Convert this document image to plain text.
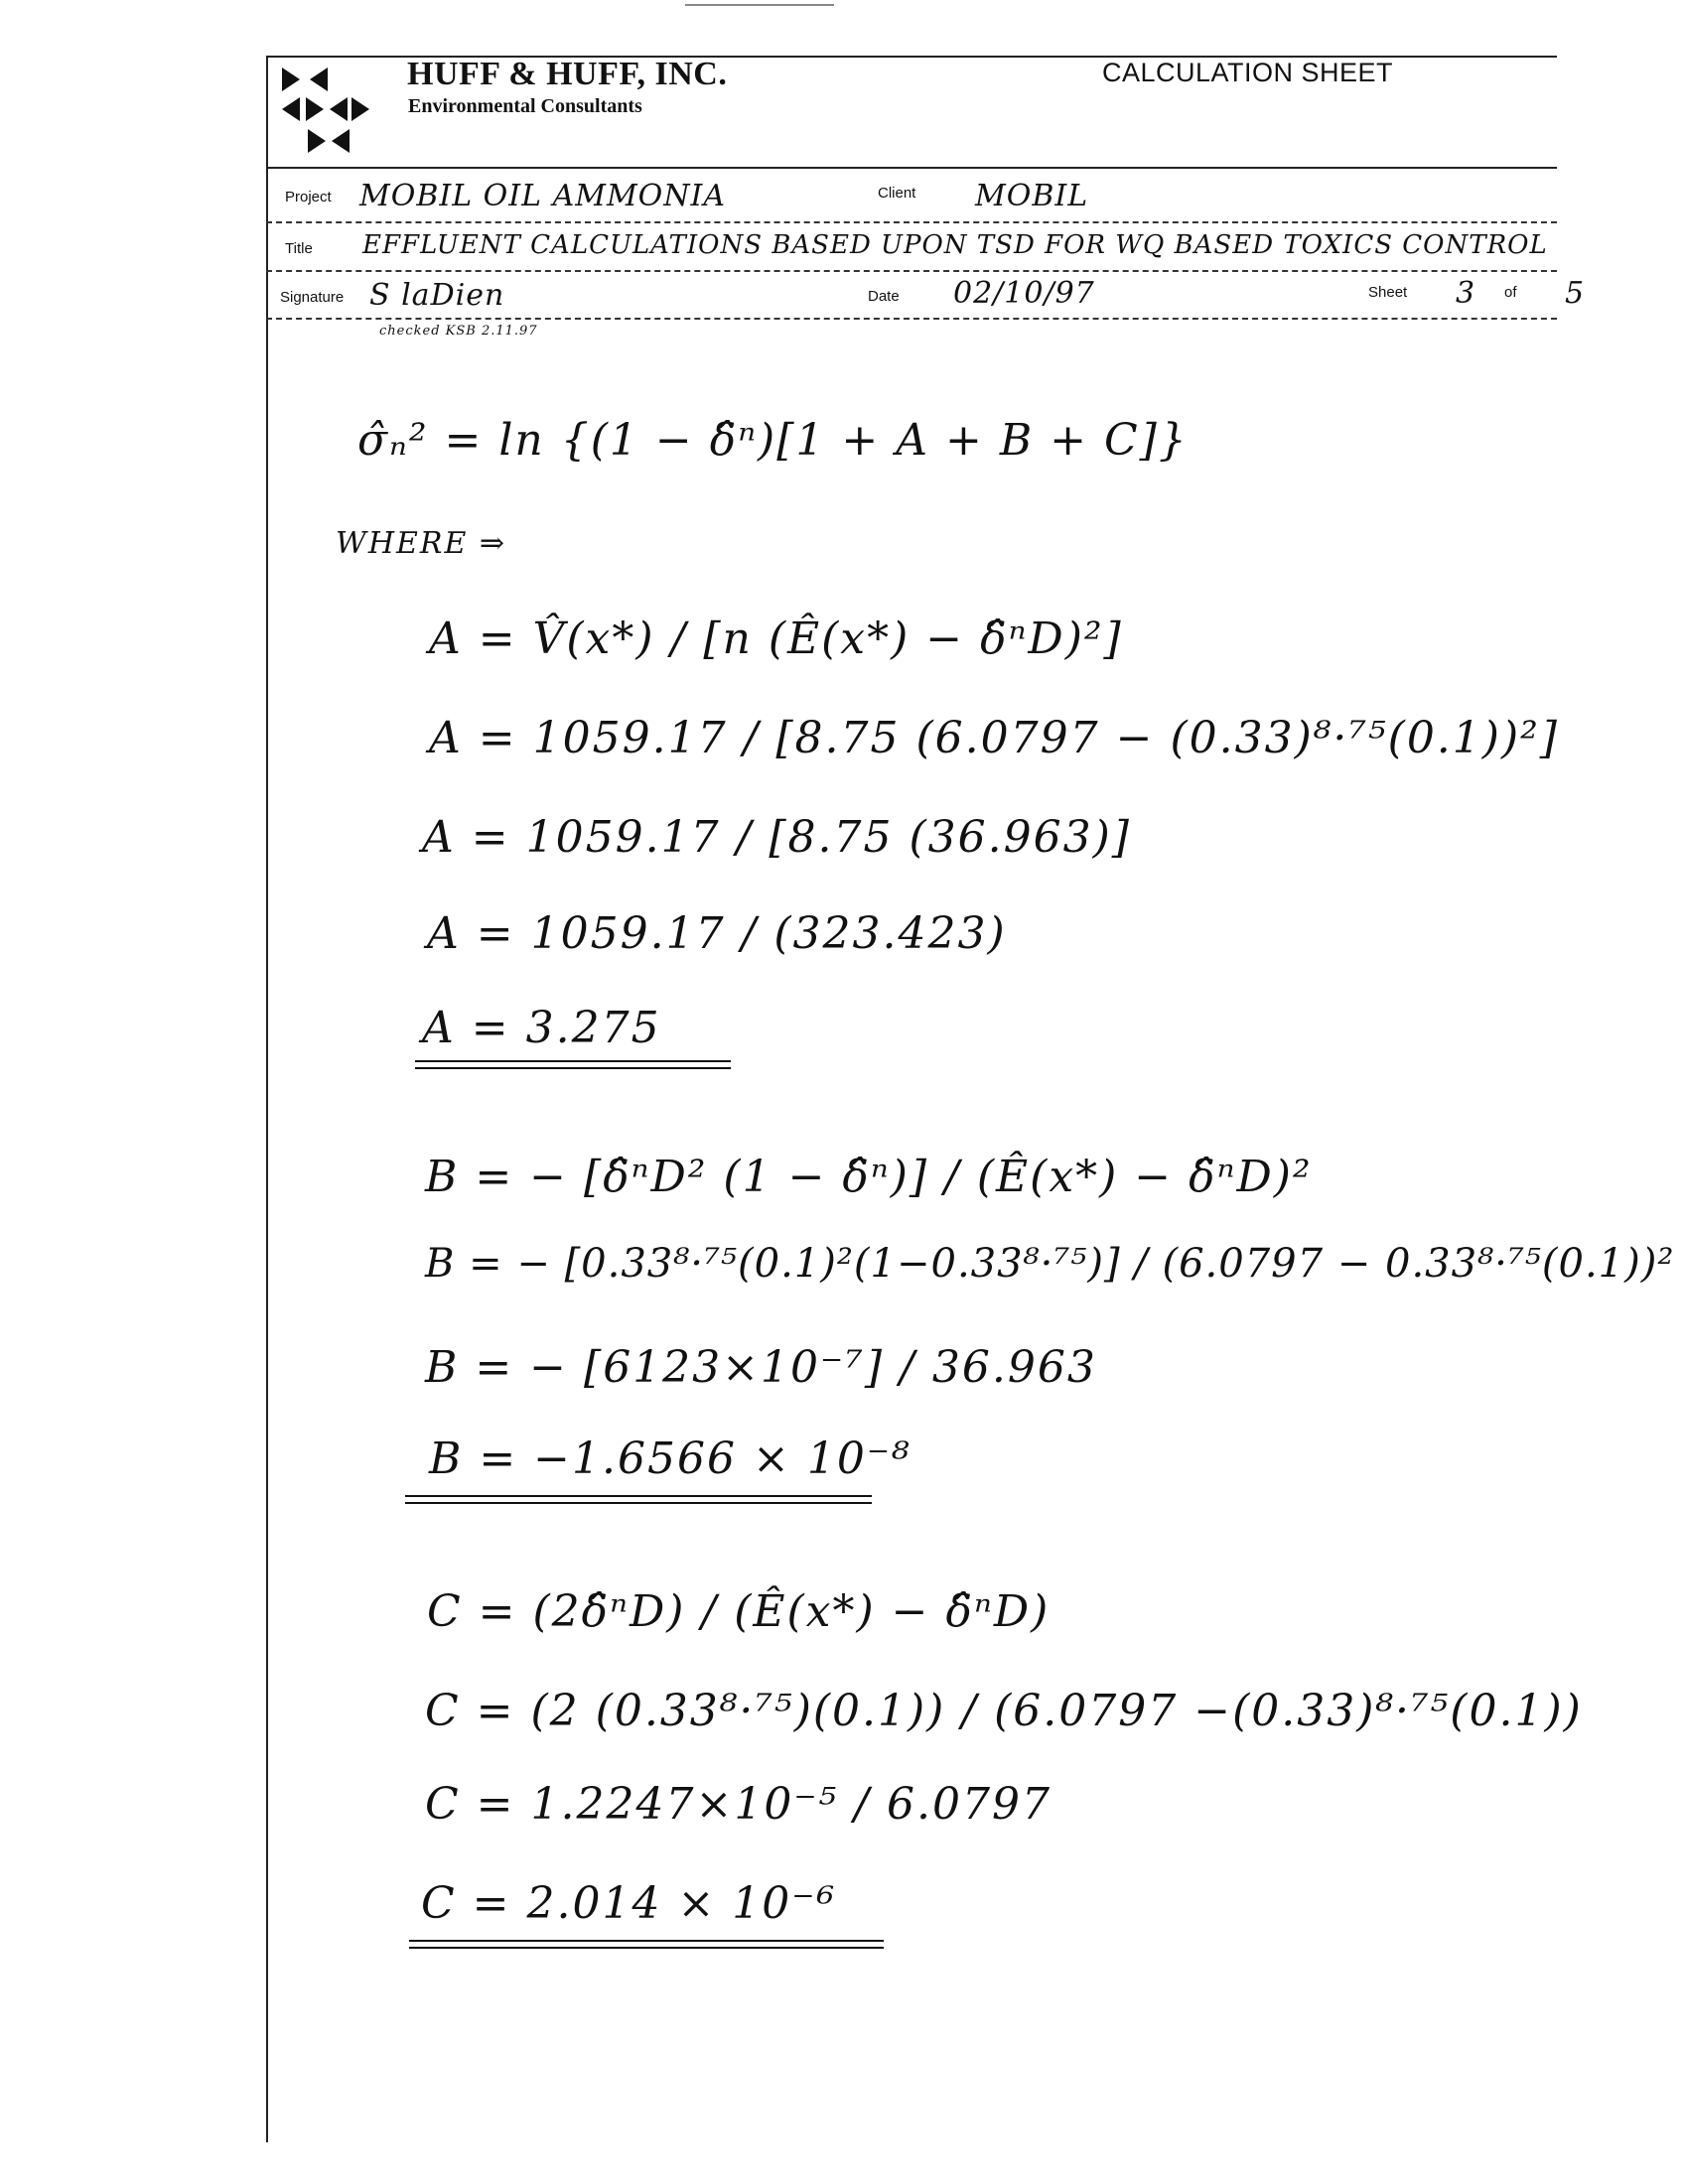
HUFF & HUFF, INC.
Environmental Consultants
CALCULATION SHEET
Project MOBIL OIL AMMONIA	Client MOBIL
Title EFFLUENT CALCULATIONS BASED UPON TSD FOR WQ BASED TOXICS CONTROL
Signature S laDien	Date 02/10/97	Sheet 3 of 5
checked KSB 2.11.97
σ̂ₙ² = ln {(1 − δ̂ⁿ)[1 + A + B + C]}
WHERE ⇒
A = V̂(x*) / [n (Ê(x*) − δ̂ⁿD)²]
A = 1059.17 / [8.75 (6.0797 − (0.33)⁸·⁷⁵(0.1))²]
A = 1059.17 / [8.75 (36.963)]
A = 1059.17 / (323.423)
A = 3.275
B = − [δ̂ⁿD² (1 − δ̂ⁿ)] / (Ê(x*) − δ̂ⁿD)²
B = − [0.33⁸·⁷⁵(0.1)²(1−0.33⁸·⁷⁵)] / (6.0797 − 0.33⁸·⁷⁵(0.1))²
B = − [6123×10⁻⁷] / 36.963
B = −1.6566 × 10⁻⁸
C = (2δ̂ⁿD) / (Ê(x*) − δ̂ⁿD)
C = (2 (0.33⁸·⁷⁵)(0.1)) / (6.0797 −(0.33)⁸·⁷⁵(0.1))
C = 1.2247×10⁻⁵ / 6.0797
C = 2.014 × 10⁻⁶
